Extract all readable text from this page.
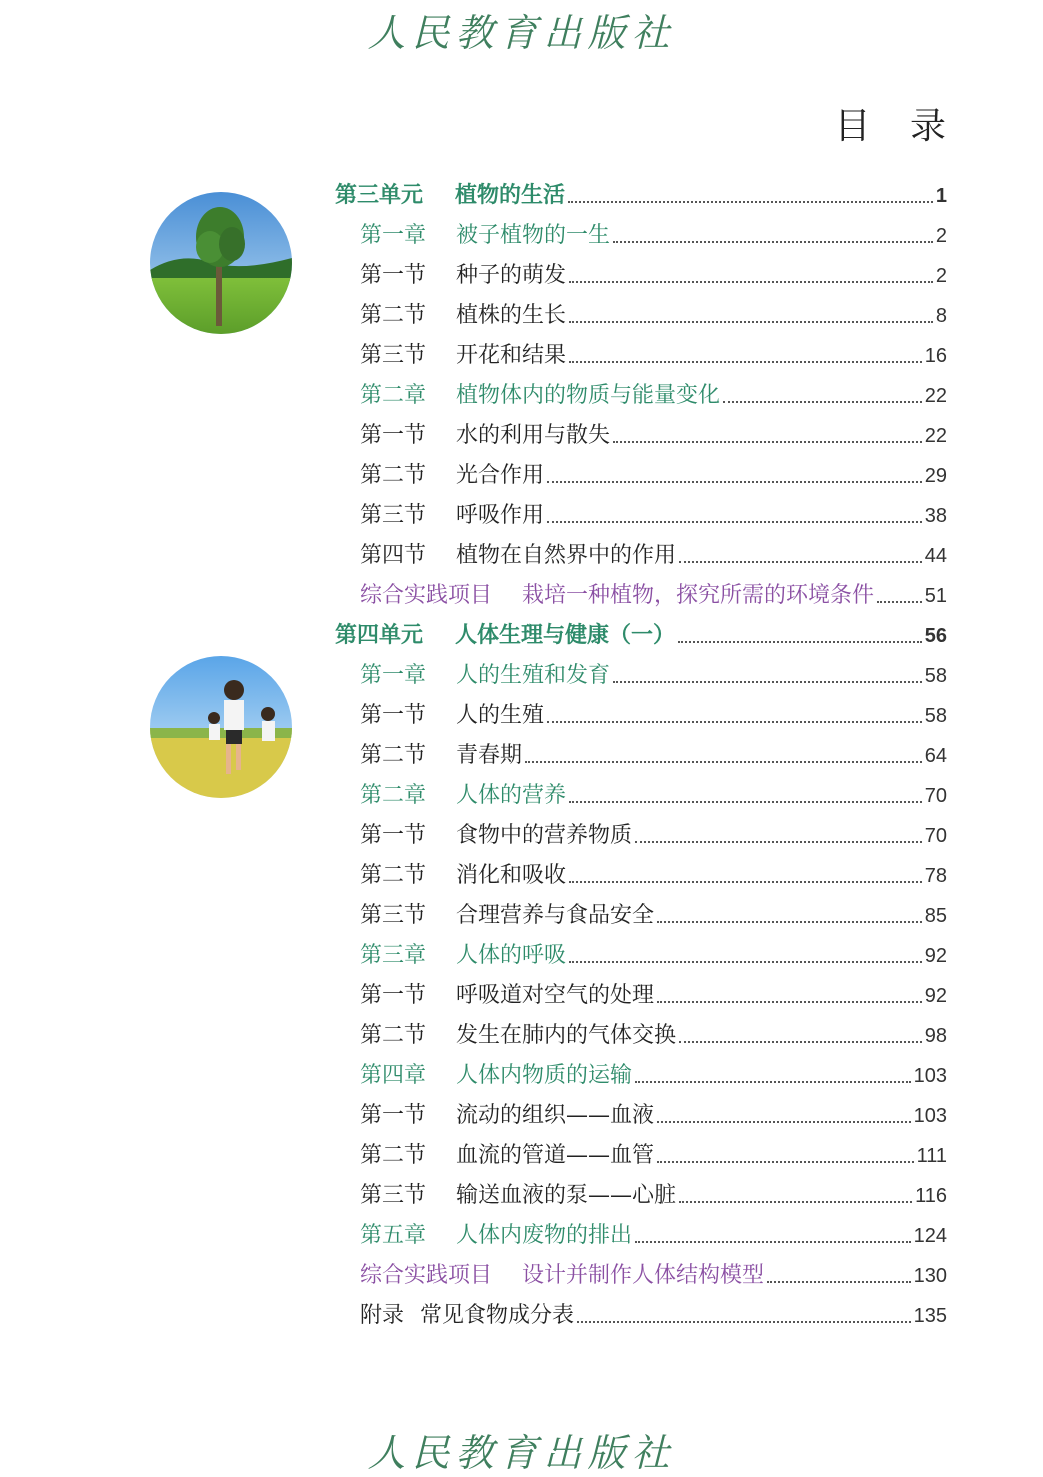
人民教育出版社
目 录
第三单元	植物的生活	1
第一章	被子植物的一生	2
第一节	种子的萌发	2
第二节	植株的生长	8
第三节	开花和结果	16
第二章	植物体内的物质与能量变化	22
第一节	水的利用与散失	22
第二节	光合作用	29
第三节	呼吸作用	38
第四节	植物在自然界中的作用	44
综合实践项目	栽培一种植物，探究所需的环境条件	51
第四单元	人体生理与健康（一）	56
第一章	人的生殖和发育	58
第一节	人的生殖	58
第二节	青春期	64
第二章	人体的营养	70
第一节	食物中的营养物质	70
第二节	消化和吸收	78
第三节	合理营养与食品安全	85
第三章	人体的呼吸	92
第一节	呼吸道对空气的处理	92
第二节	发生在肺内的气体交换	98
第四章	人体内物质的运输	103
第一节	流动的组织——血液	103
第二节	血流的管道——血管	111
第三节	输送血液的泵——心脏	116
第五章	人体内废物的排出	124
综合实践项目	设计并制作人体结构模型	130
附录 常见食物成分表	135
人民教育出版社
